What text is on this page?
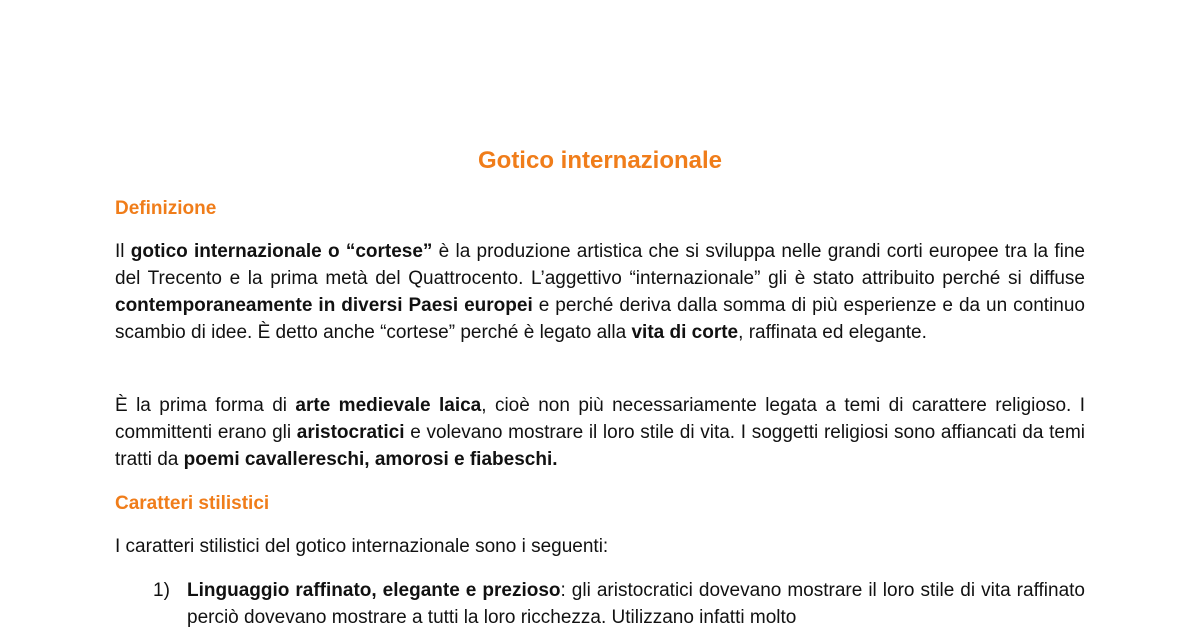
Gotico internazionale
Definizione

Il gotico internazionale o “cortese” è la produzione artistica che si sviluppa nelle grandi corti europee tra la fine del Trecento e la prima metà del Quattrocento. L’aggettivo “internazionale” gli è stato attribuito perché si diffuse contemporaneamente in diversi Paesi europei e perché deriva dalla somma di più esperienze e da un continuo scambio di idee. È detto anche “cortese” perché è legato alla vita di corte, raffinata ed elegante.

È la prima forma di arte medievale laica, cioè non più necessariamente legata a temi di carattere religioso. I committenti erano gli aristocratici e volevano mostrare il loro stile di vita. I soggetti religiosi sono affiancati da temi tratti da poemi cavallereschi, amorosi e fiabeschi.

Caratteri stilistici

I caratteri stilistici del gotico internazionale sono i seguenti:

1) Linguaggio raffinato, elegante e prezioso: gli aristocratici dovevano mostrare il loro stile di vita raffinato perciò dovevano mostrare a tutti la loro ricchezza. Utilizzano infatti molto
